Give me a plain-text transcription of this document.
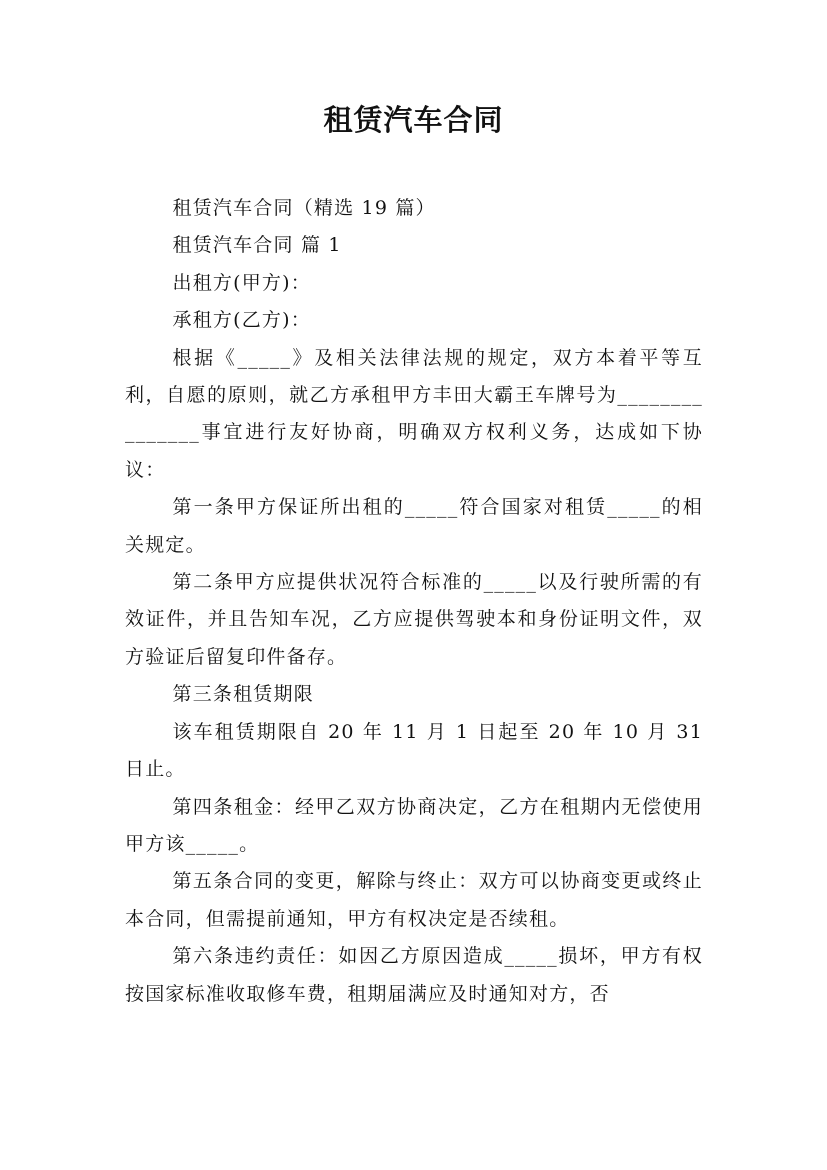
租赁汽车合同

租赁汽车合同（精选 19 篇）

租赁汽车合同 篇 1

出租方(甲方)：

承租方(乙方)：

根据《_____》及相关法律法规的规定，双方本着平等互利，自愿的原则，就乙方承租甲方丰田大霸王车牌号为_______________事宜进行友好协商，明确双方权利义务，达成如下协议：

第一条甲方保证所出租的_____符合国家对租赁_____的相关规定。

第二条甲方应提供状况符合标准的_____以及行驶所需的有效证件，并且告知车况，乙方应提供驾驶本和身份证明文件，双方验证后留复印件备存。

第三条租赁期限

该车租赁期限自 20 年 11 月 1 日起至 20 年 10 月 31 日止。

第四条租金：经甲乙双方协商决定，乙方在租期内无偿使用甲方该_____。

第五条合同的变更，解除与终止：双方可以协商变更或终止本合同，但需提前通知，甲方有权决定是否续租。

第六条违约责任：如因乙方原因造成_____损坏，甲方有权按国家标准收取修车费，租期届满应及时通知对方，否
